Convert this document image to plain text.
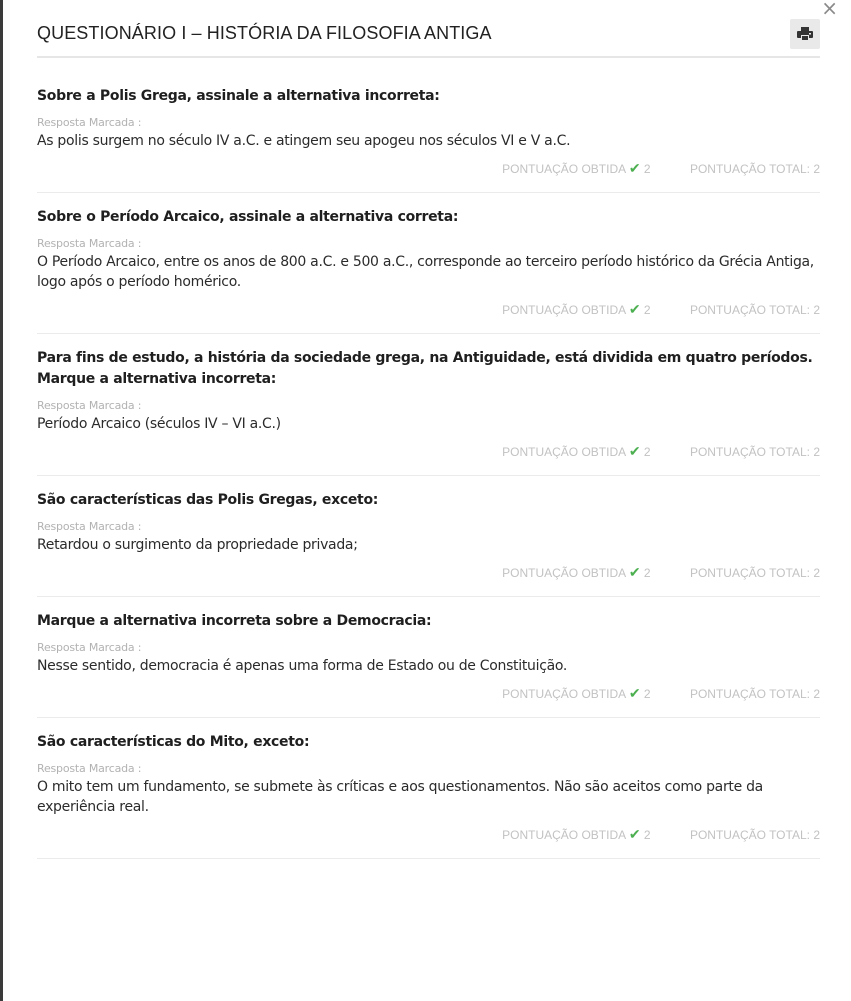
×
QUESTIONÁRIO I – HISTÓRIA DA FILOSOFIA ANTIGA
Sobre a Polis Grega, assinale a alternativa incorreta:
Resposta Marcada :
As polis surgem no século IV a.C. e atingem seu apogeu nos séculos VI e V a.C.
PONTUAÇÃO OBTIDA ✔ 2	PONTUAÇÃO TOTAL: 2
Sobre o Período Arcaico, assinale a alternativa correta:
Resposta Marcada :
O Período Arcaico, entre os anos de 800 a.C. e 500 a.C., corresponde ao terceiro período histórico da Grécia Antiga, logo após o período homérico.
PONTUAÇÃO OBTIDA ✔ 2	PONTUAÇÃO TOTAL: 2
Para fins de estudo, a história da sociedade grega, na Antiguidade, está dividida em quatro períodos. Marque a alternativa incorreta:
Resposta Marcada :
Período Arcaico (séculos IV – VI a.C.)
PONTUAÇÃO OBTIDA ✔ 2	PONTUAÇÃO TOTAL: 2
São características das Polis Gregas, exceto:
Resposta Marcada :
Retardou o surgimento da propriedade privada;
PONTUAÇÃO OBTIDA ✔ 2	PONTUAÇÃO TOTAL: 2
Marque a alternativa incorreta sobre a Democracia:
Resposta Marcada :
Nesse sentido, democracia é apenas uma forma de Estado ou de Constituição.
PONTUAÇÃO OBTIDA ✔ 2	PONTUAÇÃO TOTAL: 2
São características do Mito, exceto:
Resposta Marcada :
O mito tem um fundamento, se submete às críticas e aos questionamentos. Não são aceitos como parte da experiência real.
PONTUAÇÃO OBTIDA ✔ 2	PONTUAÇÃO TOTAL: 2
